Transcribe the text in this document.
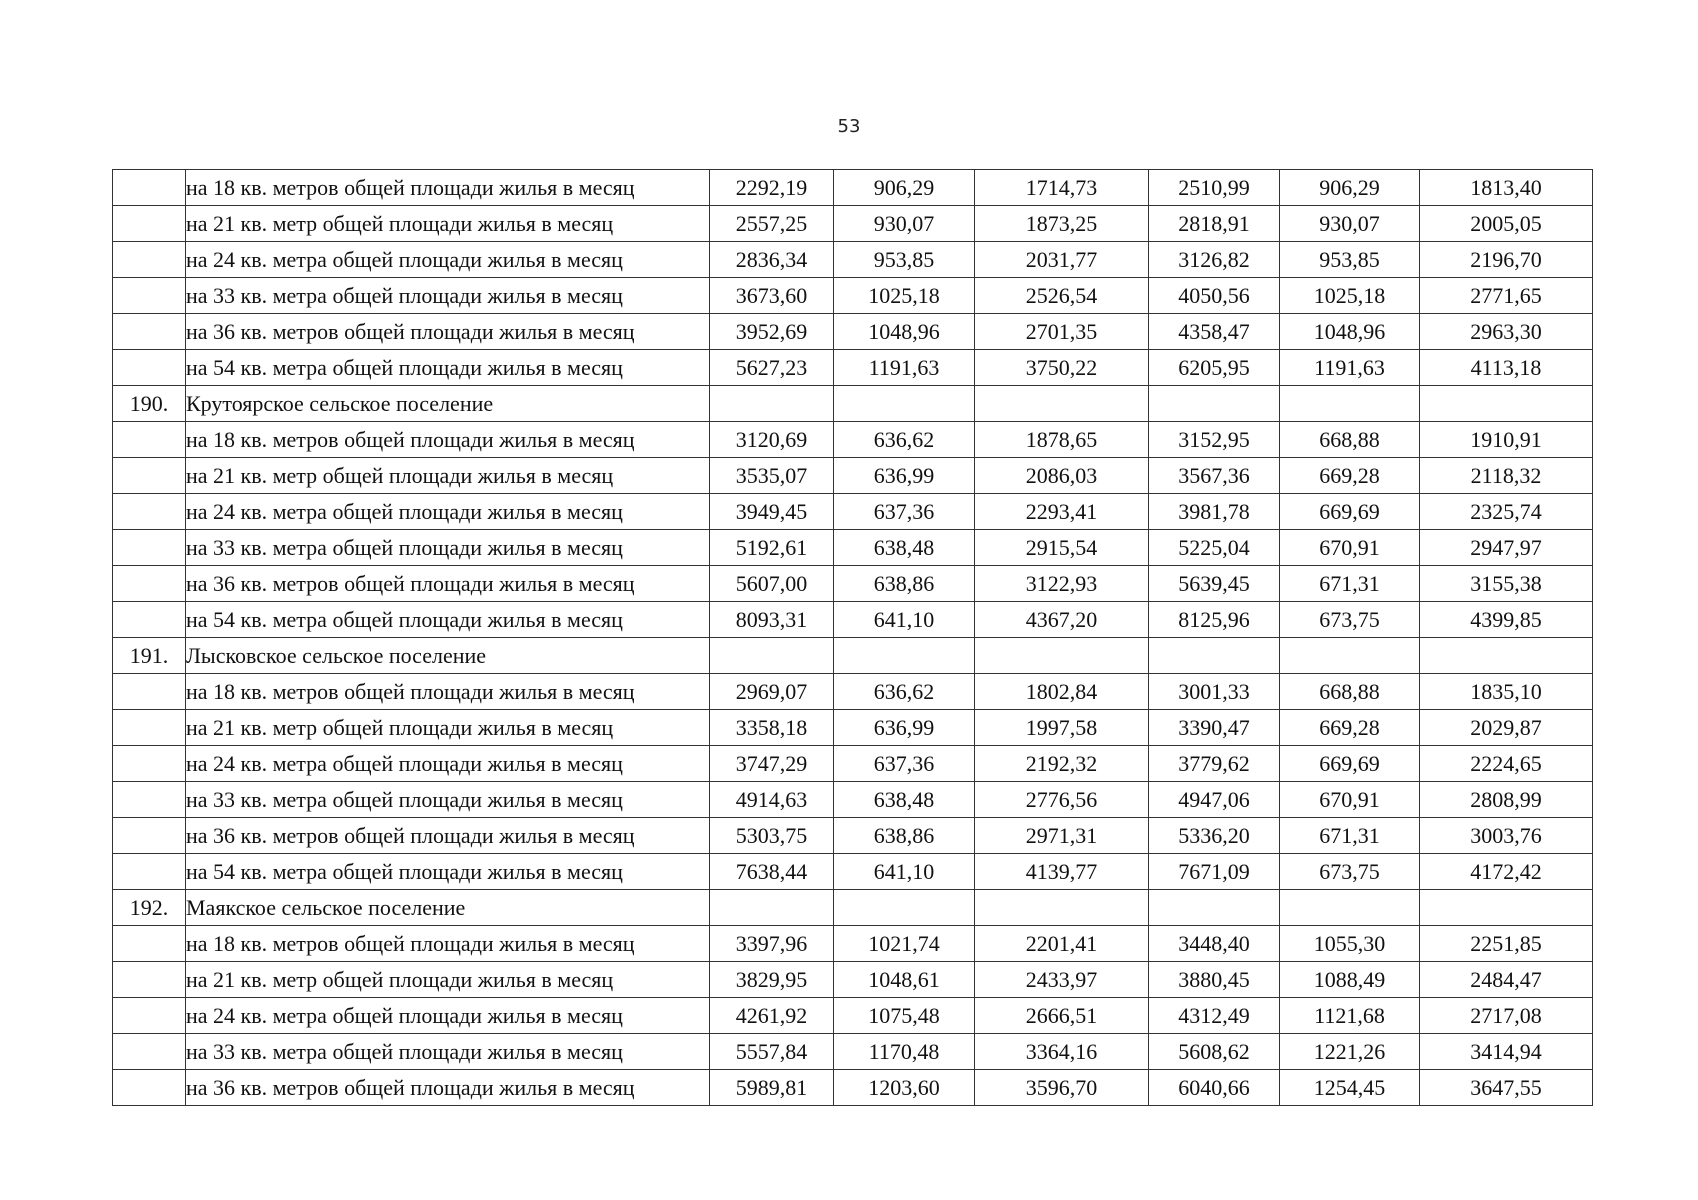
53
	на 18 кв. метров общей площади жилья в месяц	2292,19	906,29	1714,73	2510,99	906,29	1813,40
	на 21 кв. метр общей площади жилья в месяц	2557,25	930,07	1873,25	2818,91	930,07	2005,05
	на 24 кв. метра общей площади жилья в месяц	2836,34	953,85	2031,77	3126,82	953,85	2196,70
	на 33 кв. метра общей площади жилья в месяц	3673,60	1025,18	2526,54	4050,56	1025,18	2771,65
	на 36 кв. метров общей площади жилья в месяц	3952,69	1048,96	2701,35	4358,47	1048,96	2963,30
	на 54 кв. метра общей площади жилья в месяц	5627,23	1191,63	3750,22	6205,95	1191,63	4113,18
190.	Крутоярское сельское поселение						
	на 18 кв. метров общей площади жилья в месяц	3120,69	636,62	1878,65	3152,95	668,88	1910,91
	на 21 кв. метр общей площади жилья в месяц	3535,07	636,99	2086,03	3567,36	669,28	2118,32
	на 24 кв. метра общей площади жилья в месяц	3949,45	637,36	2293,41	3981,78	669,69	2325,74
	на 33 кв. метра общей площади жилья в месяц	5192,61	638,48	2915,54	5225,04	670,91	2947,97
	на 36 кв. метров общей площади жилья в месяц	5607,00	638,86	3122,93	5639,45	671,31	3155,38
	на 54 кв. метра общей площади жилья в месяц	8093,31	641,10	4367,20	8125,96	673,75	4399,85
191.	Лысковское сельское поселение						
	на 18 кв. метров общей площади жилья в месяц	2969,07	636,62	1802,84	3001,33	668,88	1835,10
	на 21 кв. метр общей площади жилья в месяц	3358,18	636,99	1997,58	3390,47	669,28	2029,87
	на 24 кв. метра общей площади жилья в месяц	3747,29	637,36	2192,32	3779,62	669,69	2224,65
	на 33 кв. метра общей площади жилья в месяц	4914,63	638,48	2776,56	4947,06	670,91	2808,99
	на 36 кв. метров общей площади жилья в месяц	5303,75	638,86	2971,31	5336,20	671,31	3003,76
	на 54 кв. метра общей площади жилья в месяц	7638,44	641,10	4139,77	7671,09	673,75	4172,42
192.	Маякское сельское поселение						
	на 18 кв. метров общей площади жилья в месяц	3397,96	1021,74	2201,41	3448,40	1055,30	2251,85
	на 21 кв. метр общей площади жилья в месяц	3829,95	1048,61	2433,97	3880,45	1088,49	2484,47
	на 24 кв. метра общей площади жилья в месяц	4261,92	1075,48	2666,51	4312,49	1121,68	2717,08
	на 33 кв. метра общей площади жилья в месяц	5557,84	1170,48	3364,16	5608,62	1221,26	3414,94
	на 36 кв. метров общей площади жилья в месяц	5989,81	1203,60	3596,70	6040,66	1254,45	3647,55
